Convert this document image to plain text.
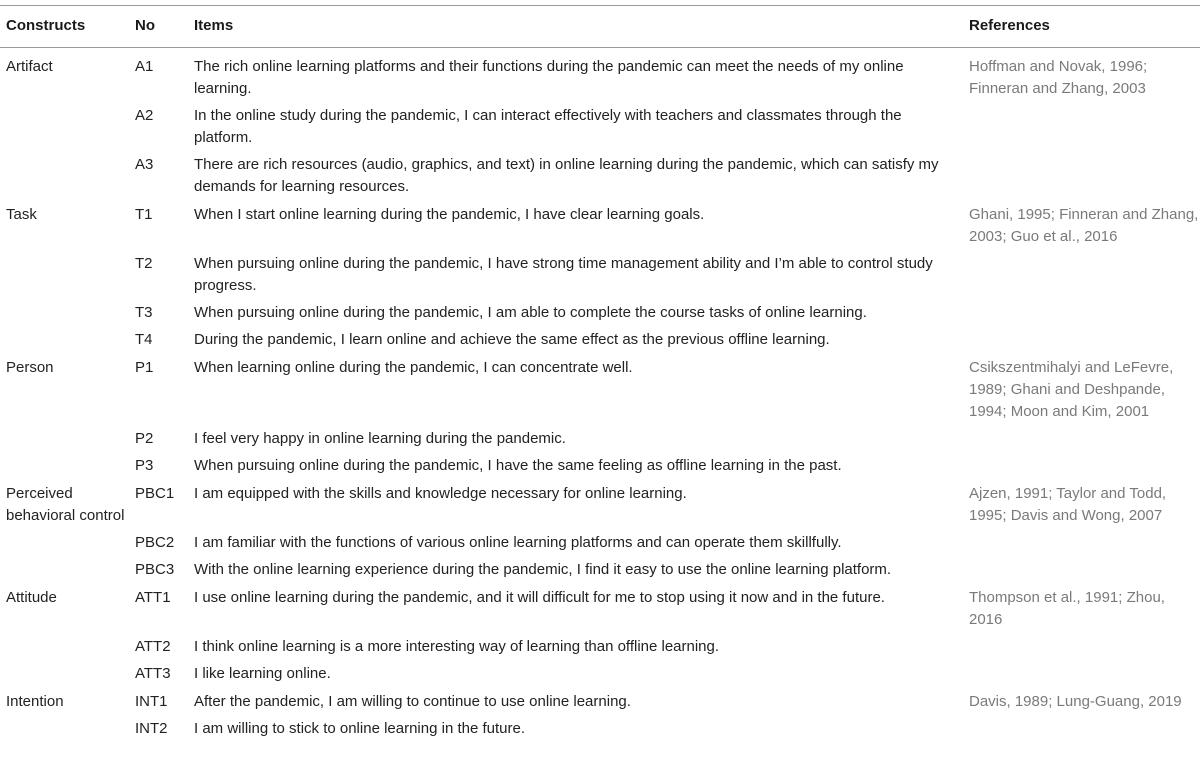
Constructs	No	Items	References
Artifact	A1	The rich online learning platforms and their functions during the pandemic can meet the needs of my online learning.	Hoffman and Novak, 1996; Finneran and Zhang, 2003
	A2	In the online study during the pandemic, I can interact effectively with teachers and classmates through the platform.	
	A3	There are rich resources (audio, graphics, and text) in online learning during the pandemic, which can satisfy my demands for learning resources.	
Task	T1	When I start online learning during the pandemic, I have clear learning goals.	Ghani, 1995; Finneran and Zhang, 2003; Guo et al., 2016
	T2	When pursuing online during the pandemic, I have strong time management ability and I’m able to control study progress.	
	T3	When pursuing online during the pandemic, I am able to complete the course tasks of online learning.	
	T4	During the pandemic, I learn online and achieve the same effect as the previous offline learning.	
Person	P1	When learning online during the pandemic, I can concentrate well.	Csikszentmihalyi and LeFevre, 1989; Ghani and Deshpande, 1994; Moon and Kim, 2001
	P2	I feel very happy in online learning during the pandemic.	
	P3	When pursuing online during the pandemic, I have the same feeling as offline learning in the past.	
Perceived behavioral control	PBC1	I am equipped with the skills and knowledge necessary for online learning.	Ajzen, 1991; Taylor and Todd, 1995; Davis and Wong, 2007
	PBC2	I am familiar with the functions of various online learning platforms and can operate them skillfully.	
	PBC3	With the online learning experience during the pandemic, I find it easy to use the online learning platform.	
Attitude	ATT1	I use online learning during the pandemic, and it will difficult for me to stop using it now and in the future.	Thompson et al., 1991; Zhou, 2016
	ATT2	I think online learning is a more interesting way of learning than offline learning.	
	ATT3	I like learning online.	
Intention	INT1	After the pandemic, I am willing to continue to use online learning.	Davis, 1989; Lung-Guang, 2019
	INT2	I am willing to stick to online learning in the future.	
